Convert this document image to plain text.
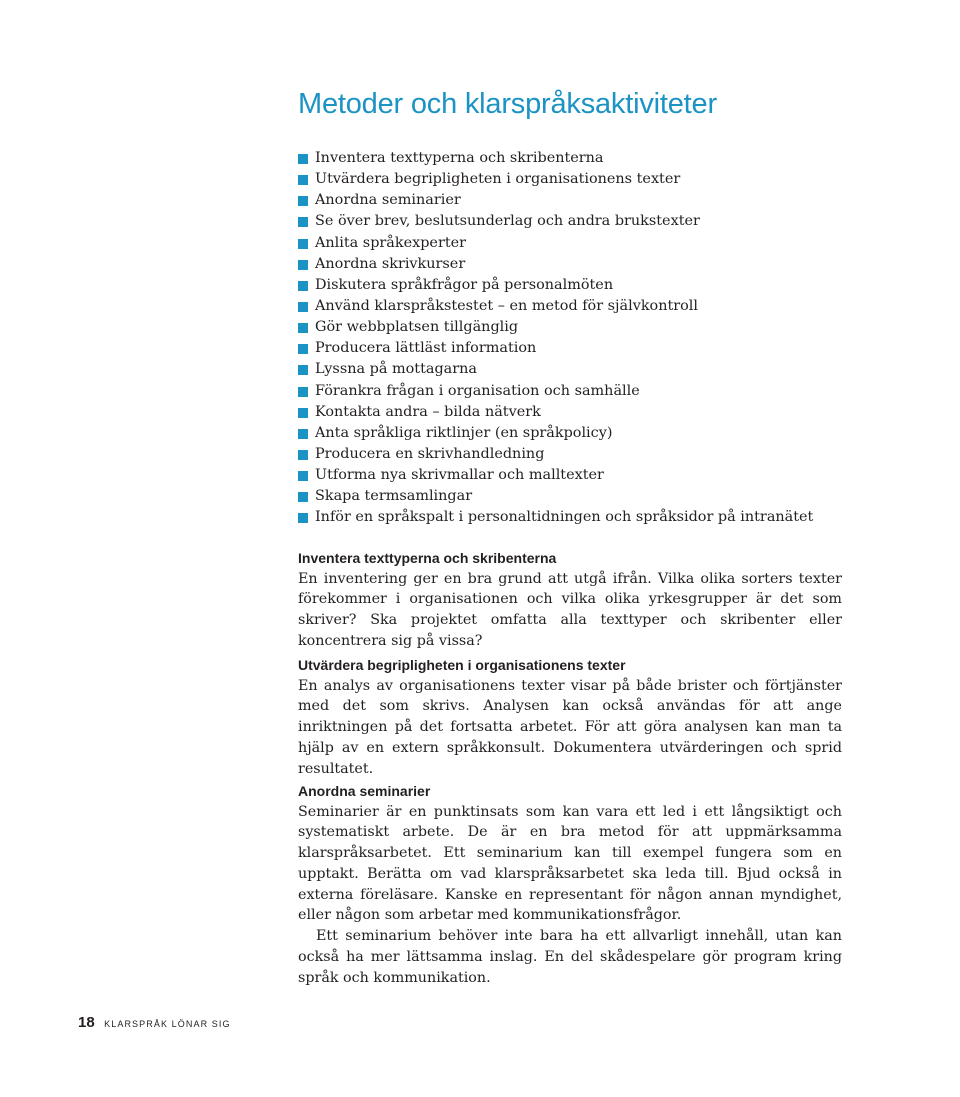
Metoder och klarspråksaktiviteter
Inventera texttyperna och skribenterna
Utvärdera begripligheten i organisationens texter
Anordna seminarier
Se över brev, beslutsunderlag och andra brukstexter
Anlita språkexperter
Anordna skrivkurser
Diskutera språkfrågor på personalmöten
Använd klarspråkstestet – en metod för självkontroll
Gör webbplatsen tillgänglig
Producera lättläst information
Lyssna på mottagarna
Förankra frågan i organisation och samhälle
Kontakta andra – bilda nätverk
Anta språkliga riktlinjer (en språkpolicy)
Producera en skrivhandledning
Utforma nya skrivmallar och malltexter
Skapa termsamlingar
Inför en språkspalt i personaltidningen och språksidor på intranätet
Inventera texttyperna och skribenterna

En inventering ger en bra grund att utgå ifrån. Vilka olika sorters texter förekommer i organisationen och vilka olika yrkesgrupper är det som skriver? Ska projektet omfatta alla texttyper och skribenter eller koncentrera sig på vissa?

Utvärdera begripligheten i organisationens texter

En analys av organisationens texter visar på både brister och förtjänster med det som skrivs. Analysen kan också användas för att ange inriktningen på det fortsatta arbetet. För att göra analysen kan man ta hjälp av en extern språkkonsult. Dokumentera utvärderingen och sprid resultatet.

Anordna seminarier

Seminarier är en punktinsats som kan vara ett led i ett långsiktigt och systematiskt arbete. De är en bra metod för att uppmärksamma klarspråksarbetet. Ett seminarium kan till exempel fungera som en upptakt. Berätta om vad klarspråksarbetet ska leda till. Bjud också in externa föreläsare. Kanske en representant för någon annan myndighet, eller någon som arbetar med kommunikationsfrågor.

Ett seminarium behöver inte bara ha ett allvarligt innehåll, utan kan också ha mer lättsamma inslag. En del skådespelare gör program kring språk och kommunikation.

18 KLARSPRÅK LÖNAR SIG
